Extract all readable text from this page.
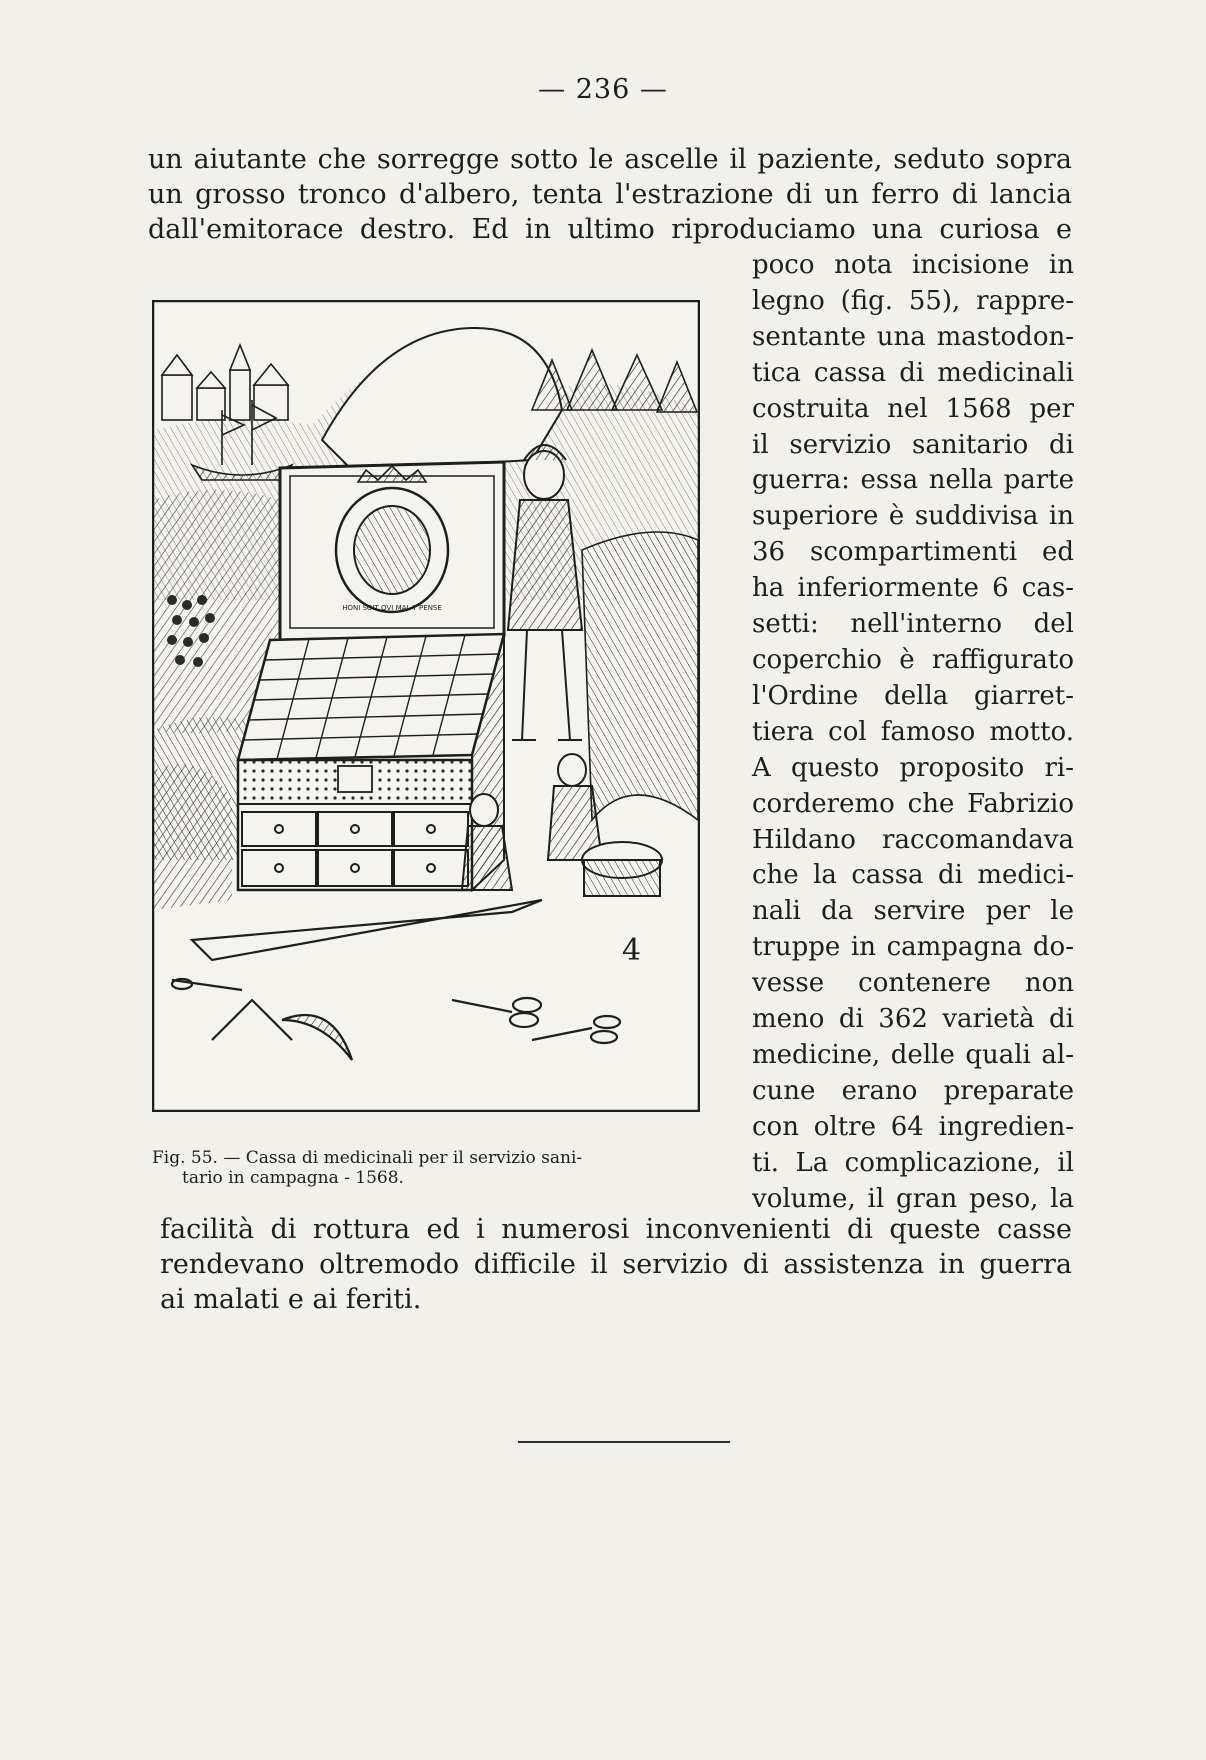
— 236 —

un aiutante che sorregge sotto le ascelle il paziente, seduto sopra
un grosso tronco d'albero, tenta l'estrazione di un ferro di lancia
dall'emitorace destro. Ed in ultimo riproduciamo una curiosa e

poco nota incisione in
legno (fig. 55), rappre-
sentante una mastodon-
tica cassa di medicinali
costruita nel 1568 per
il servizio sanitario di
guerra: essa nella parte
superiore è suddivisa in
36 scompartimenti ed
ha inferiormente 6 cas-
setti: nell'interno del
coperchio è raffigurato
l'Ordine della giarret-
tiera col famoso motto.
A questo proposito ri-
corderemo che Fabrizio
Hildano raccomandava
che la cassa di medici-
nali da servire per le
truppe in campagna do-
vesse contenere non
meno di 362 varietà di
medicine, delle quali al-
cune erano preparate
con oltre 64 ingredien-
ti. La complicazione, il
volume, il gran peso, la

HONI SOIT QVI MAL Y PENSE
4

Fig. 55. — Cassa di medicinali per il servizio sani-
tario in campagna - 1568.

facilità di rottura ed i numerosi inconvenienti di queste casse
rendevano oltremodo difficile il servizio di assistenza in guerra
ai malati e ai feriti.
